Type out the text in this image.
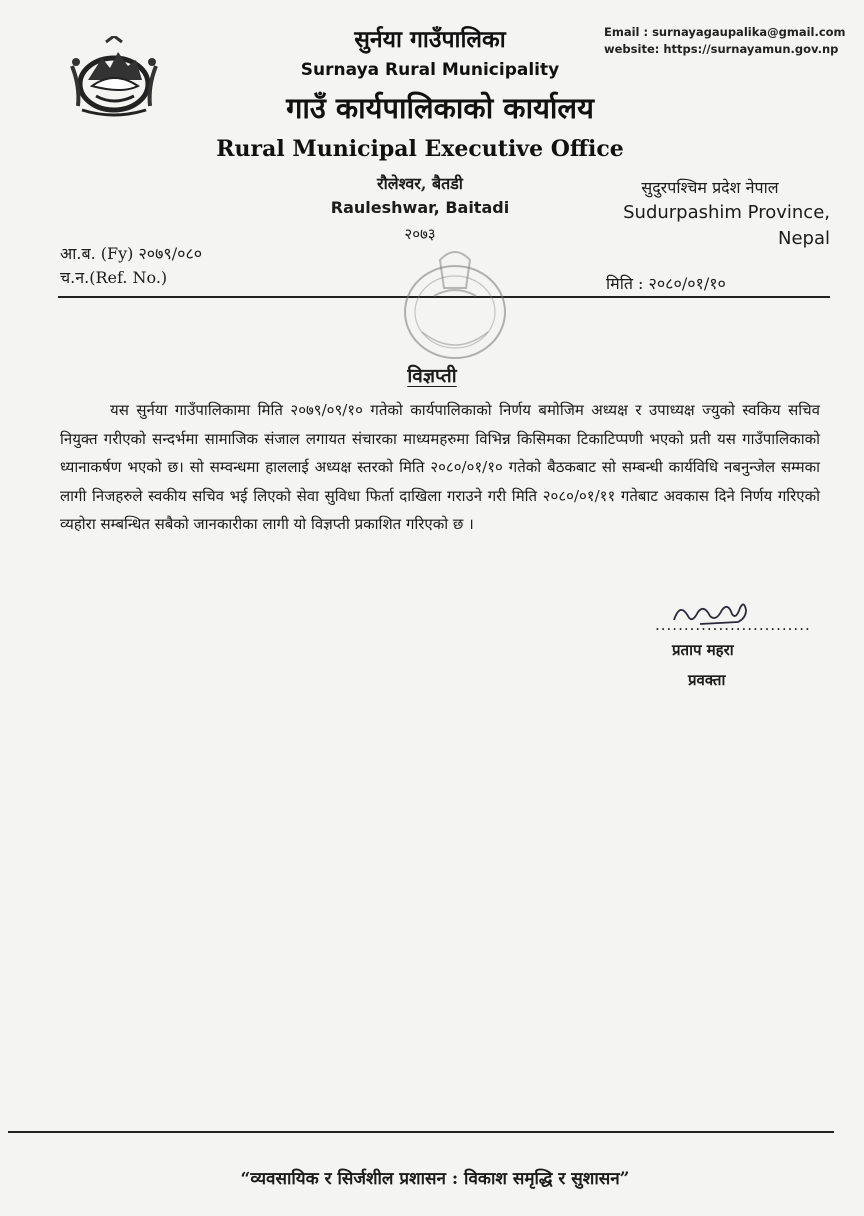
Email : surnayagaupalika@gmail.com
website: https://surnayamun.gov.np
सुर्नया गाउँपालिका
Surnaya Rural Municipality
गाउँ कार्यपालिकाको कार्यालय
Rural Municipal Executive Office
रौलेश्वर, बैतडी
Rauleshwar, Baitadi
२०७३
सुदुरपश्चिम प्रदेश नेपाल
Sudurpashim Province,
Nepal
आ.ब. (Fy) २०७९/०८०
च.न.(Ref. No.)	मिति : २०८०/०१/१०
विज्ञप्ती
यस सुर्नया गाउँपालिकामा मिति २०७९/०९/१० गतेको कार्यपालिकाको निर्णय बमोजिम अध्यक्ष र उपाध्यक्ष ज्युको स्वकिय सचिव नियुक्त गरीएको सन्दर्भमा सामाजिक संजाल लगायत संचारका माध्यमहरुमा विभिन्न किसिमका टिकाटिप्पणी भएको प्रती यस गाउँपालिकाको ध्यानाकर्षण भएको छ। सो सम्वन्धमा हाललाई अध्यक्ष स्तरको मिति २०८०/०१/१० गतेको बैठकबाट सो सम्बन्धी कार्यविधि नबनुन्जेल सम्मका लागी निजहरुले स्वकीय सचिव भई लिएको सेवा सुविधा फिर्ता दाखिला गराउने गरी मिति २०८०/०१/११ गतेबाट अवकास दिने निर्णय गरिएको व्यहोरा सम्बन्धित सबैको जानकारीका लागी यो विज्ञप्ती प्रकाशित गरिएको छ ।
...........................
प्रताप महरा
प्रवक्ता
“व्यवसायिक र सिर्जशील प्रशासन : विकाश समृद्धि र सुशासन”
